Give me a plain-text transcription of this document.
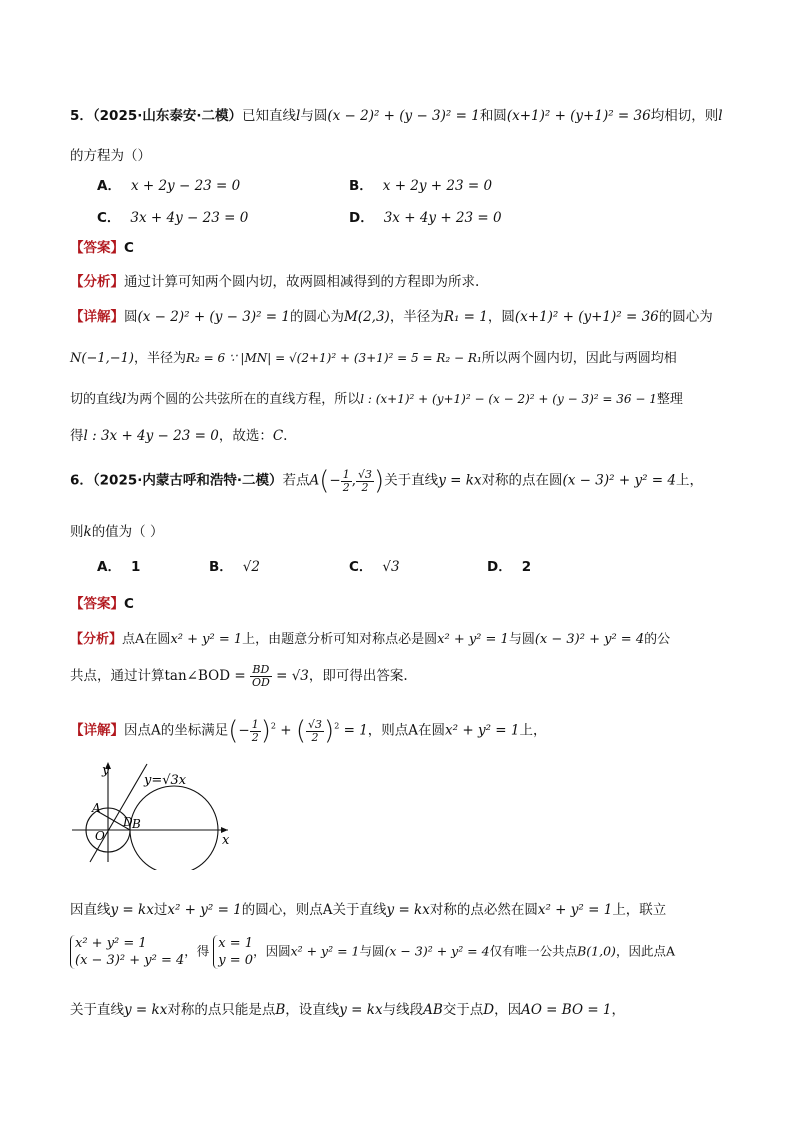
5．（2025·山东泰安·二模）已知直线l与圆(x − 2)² + (y − 3)² = 1和圆(x+1)² + (y+1)² = 36均相切，则l
的方程为（）
A． x + 2y − 23 = 0	B． x + 2y + 23 = 0
C． 3x + 4y − 23 = 0	D． 3x + 4y + 23 = 0
【答案】C
【分析】通过计算可知两个圆内切，故两圆相减得到的方程即为所求.
【详解】圆(x − 2)² + (y − 3)² = 1的圆心为M(2,3)，半径为R₁ = 1，圆(x+1)² + (y+1)² = 36的圆心为
N(−1,−1)，半径为R₂ = 6 ∵ |MN| = √(2+1)² + (3+1)² = 5 = R₂ − R₁所以两个圆内切，因此与两圆均相
切的直线l为两个圆的公共弦所在的直线方程，所以l : (x+1)² + (y+1)² − (x − 2)² + (y − 3)² = 36 − 1整理
得l : 3x + 4y − 23 = 0，故选：C.
6．（2025·内蒙古呼和浩特·二模）若点$A(- \frac{1}{2}$ , $\frac{√3}{2}$ )关于直线y = kx对称的点在圆(x − 3)² + y² = 4上，
则k的值为（ ）
A． 1	B． √2	C． √3	D． 2
【答案】C
【分析】点A在圆x² + y² = 1上，由题意分析可知对称点必是圆x² + y² = 1与圆(x − 3)² + y² = 4的公
共点，通过计算tan∠BOD = $\frac{BD}{OD} = √3$，即可得出答案.
【详解】因点A的坐标满足(− $\frac{1}{2} )^2$ + ( $\frac{√3}{2} )^2 = 1$，则点A在圆x² + y² = 1上，
y
x
y=√3x
A
O
D B
因直线y = kx过x² + y² = 1的圆心，则点A关于直线y = kx对称的点必然在圆x² + y² = 1上，联立
x² + y² = 1
(x − 3)² + y² = 4
，得 x = 1
y = 0
，因圆x² + y² = 1与圆(x − 3)² + y² = 4仅有唯一公共点B(1,0)，因此点A
关于直线y = kx对称的点只能是点B，设直线y = kx与线段AB交于点D，因AO = BO = 1，
